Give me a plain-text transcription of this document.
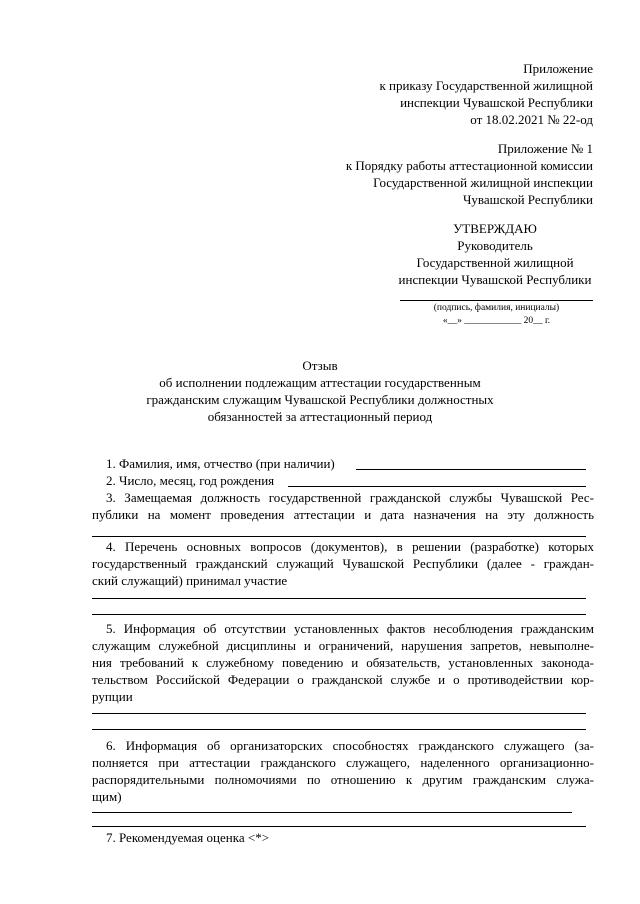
Приложение

к приказу Государственной жилищной

инспекции Чувашской Республики

от 18.02.2021 № 22-од

Приложение № 1

к Порядку работы аттестационной комиссии

Государственной жилищной инспекции

Чувашской Республики

УТВЕРЖДАЮ

Руководитель

Государственной жилищной

инспекции Чувашской Республики

(подпись, фамилия, инициалы)

«__» ____________ 20__ г.

Отзыв

об исполнении подлежащим аттестации государственным

гражданским служащим Чувашской Республики должностных

обязанностей за аттестационный период

1. Фамилия, имя, отчество (при наличии)

2. Число, месяц, год рождения

3. Замещаемая должность государственной гражданской службы Чувашской Рес-

публики на момент проведения аттестации и дата назначения на эту должность

4. Перечень основных вопросов (документов), в решении (разработке) которых

государственный гражданский служащий Чувашской Республики (далее - граждан-

ский служащий) принимал участие

5. Информация об отсутствии установленных фактов несоблюдения гражданским

служащим служебной дисциплины и ограничений, нарушения запретов, невыполне-

ния требований к служебному поведению и обязательств, установленных законода-

тельством Российской Федерации о гражданской службе и о противодействии кор-

рупции

6. Информация об организаторских способностях гражданского служащего (за-

полняется при аттестации гражданского служащего, наделенного организационно-

распорядительными полномочиями по отношению к другим гражданским служа-

щим)

7. Рекомендуемая оценка <*>
